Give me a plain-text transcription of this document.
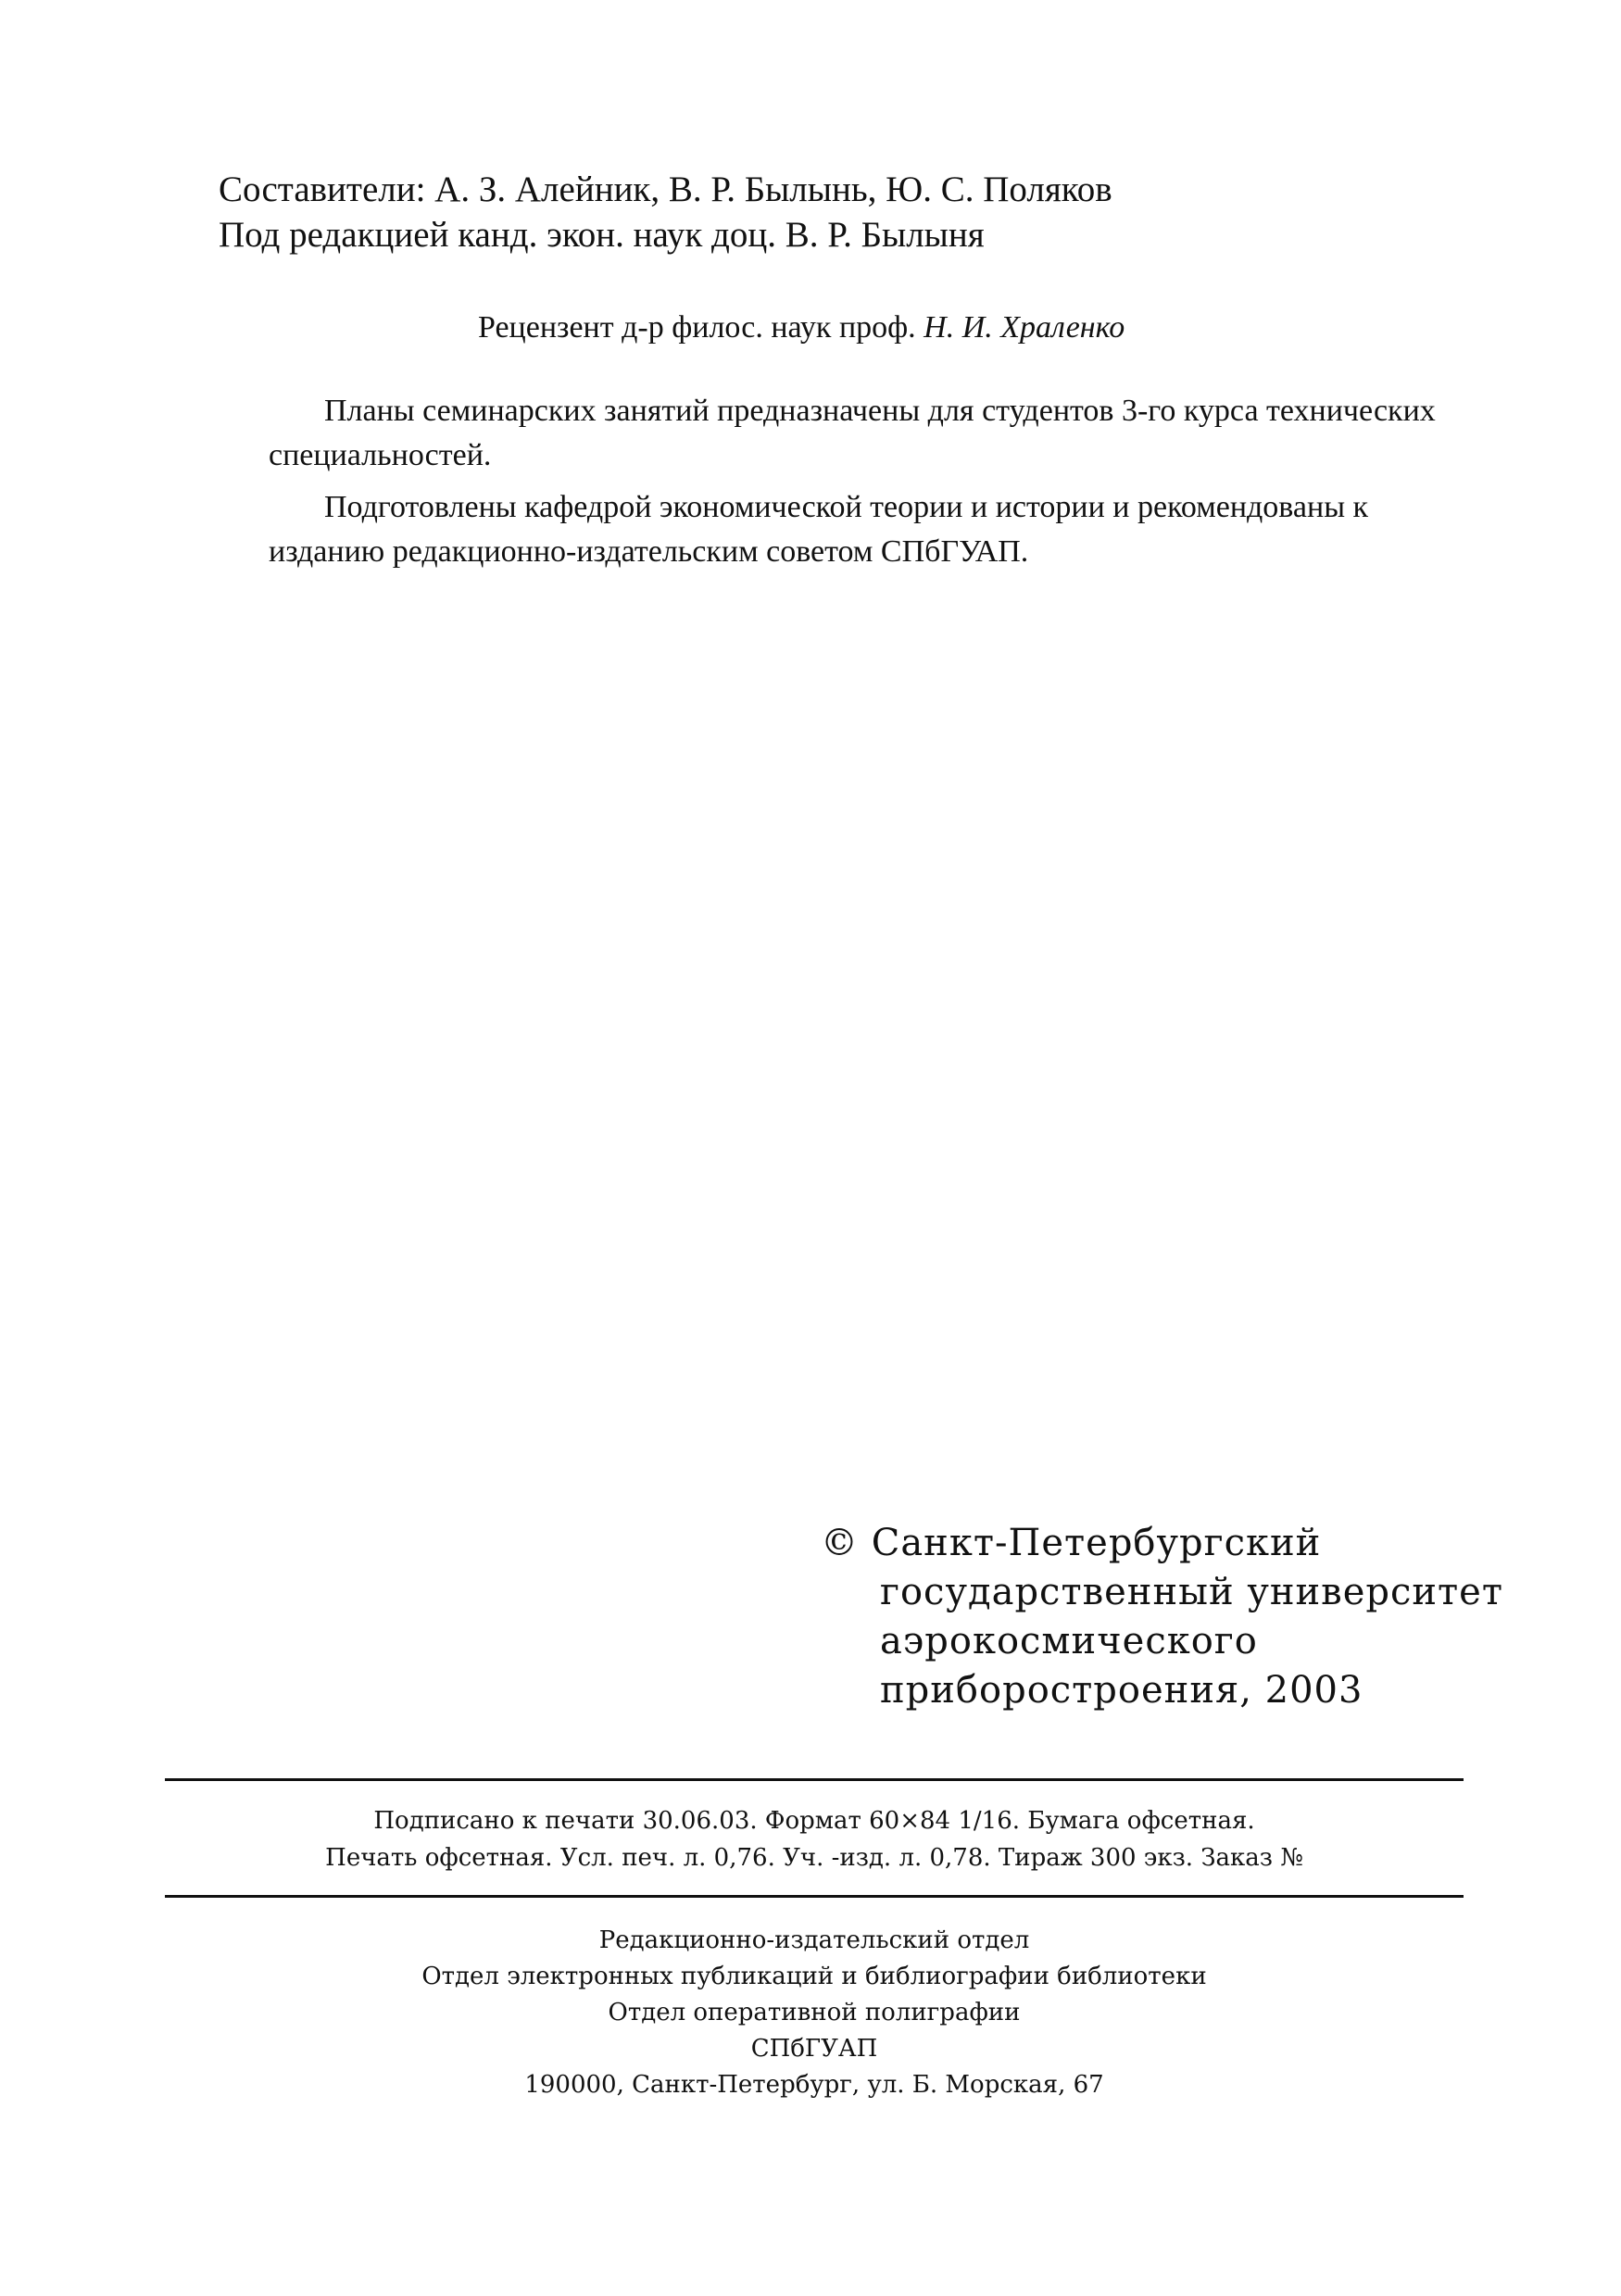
Составители: А. З. Алейник, В. Р. Былынь, Ю. С. Поляков
Под редакцией канд. экон. наук доц. В. Р. Былыня
Рецензент д-р филос. наук проф. Н. И. Храленко

Планы семинарских занятий предназначены для студентов 3-го курса технических специальностей.

Подготовлены кафедрой экономической теории и истории и рекомендованы к изданию редакционно-издательским советом СПбГУАП.

© Санкт-Петербургский
государственный университет
аэрокосмического
приборостроения, 2003
Подписано к печати 30.06.03. Формат 60×84 1/16. Бумага офсетная.
Печать офсетная. Усл. печ. л. 0,76. Уч. -изд. л. 0,78. Тираж 300 экз. Заказ №
Редакционно-издательский отдел
Отдел электронных публикаций и библиографии библиотеки
Отдел оперативной полиграфии
СПбГУАП
190000, Санкт-Петербург, ул. Б. Морская, 67
